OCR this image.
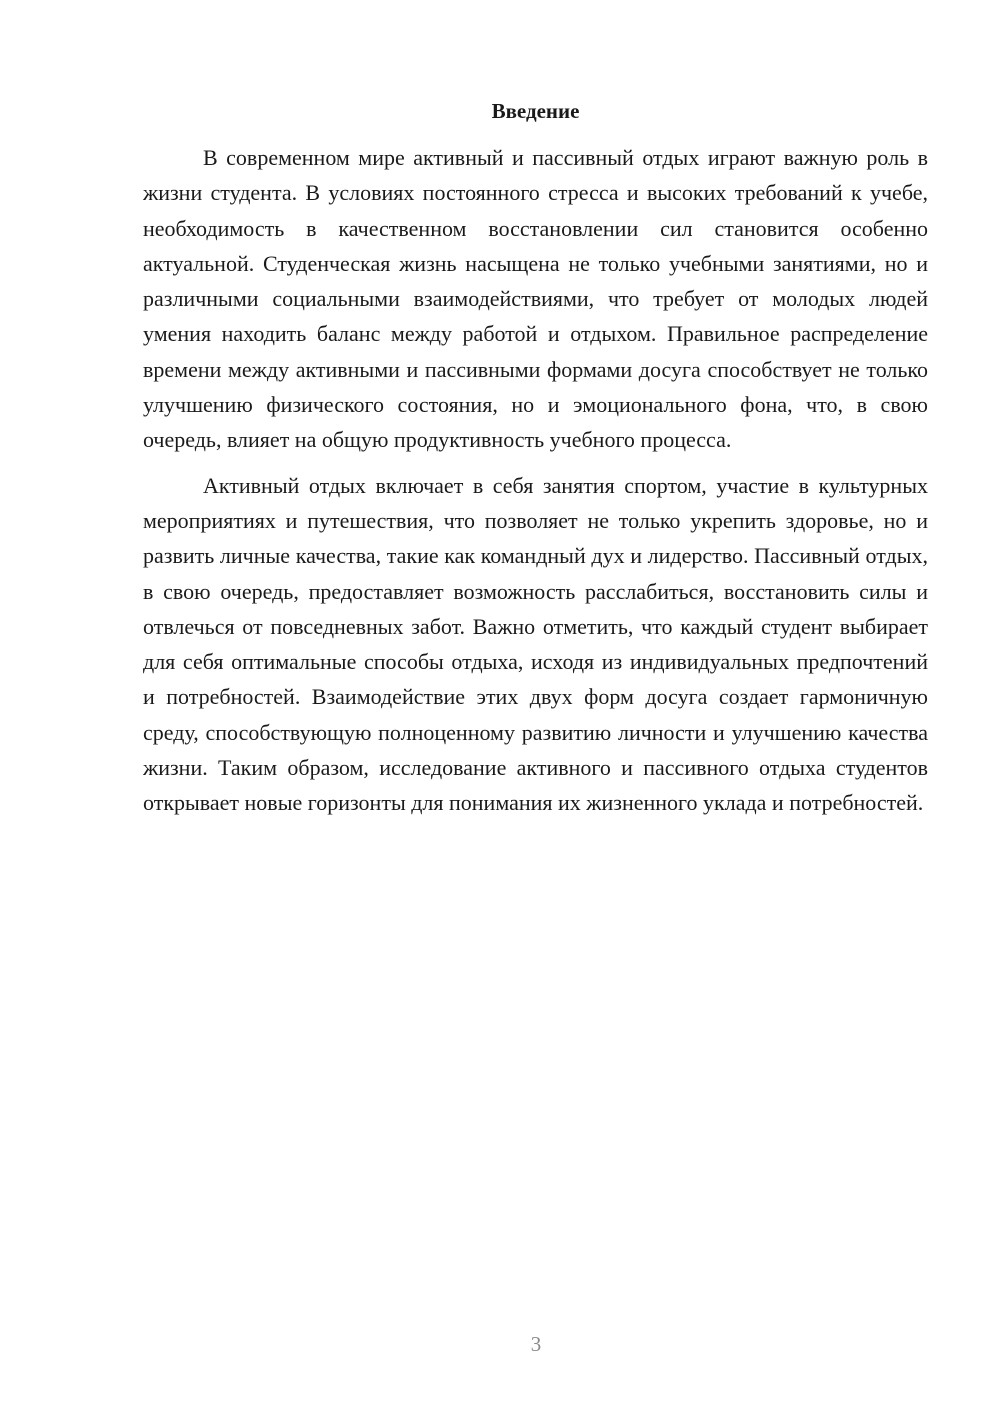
Введение

В современном мире активный и пассивный отдых играют важную роль в жизни студента. В условиях постоянного стресса и высоких требований к учебе, необходимость в качественном восстановлении сил становится особенно актуальной. Студенческая жизнь насыщена не только учебными занятиями, но и различными социальными взаимодействиями, что требует от молодых людей умения находить баланс между работой и отдыхом. Правильное распределение времени между активными и пассивными формами досуга способствует не только улучшению физического состояния, но и эмоционального фона, что, в свою очередь, влияет на общую продуктивность учебного процесса.

Активный отдых включает в себя занятия спортом, участие в культурных мероприятиях и путешествия, что позволяет не только укрепить здоровье, но и развить личные качества, такие как командный дух и лидерство. Пассивный отдых, в свою очередь, предоставляет возможность расслабиться, восстановить силы и отвлечься от повседневных забот. Важно отметить, что каждый студент выбирает для себя оптимальные способы отдыха, исходя из индивидуальных предпочтений и потребностей. Взаимодействие этих двух форм досуга создает гармоничную среду, способствующую полноценному развитию личности и улучшению качества жизни. Таким образом, исследование активного и пассивного отдыха студентов открывает новые горизонты для понимания их жизненного уклада и потребностей.

3
